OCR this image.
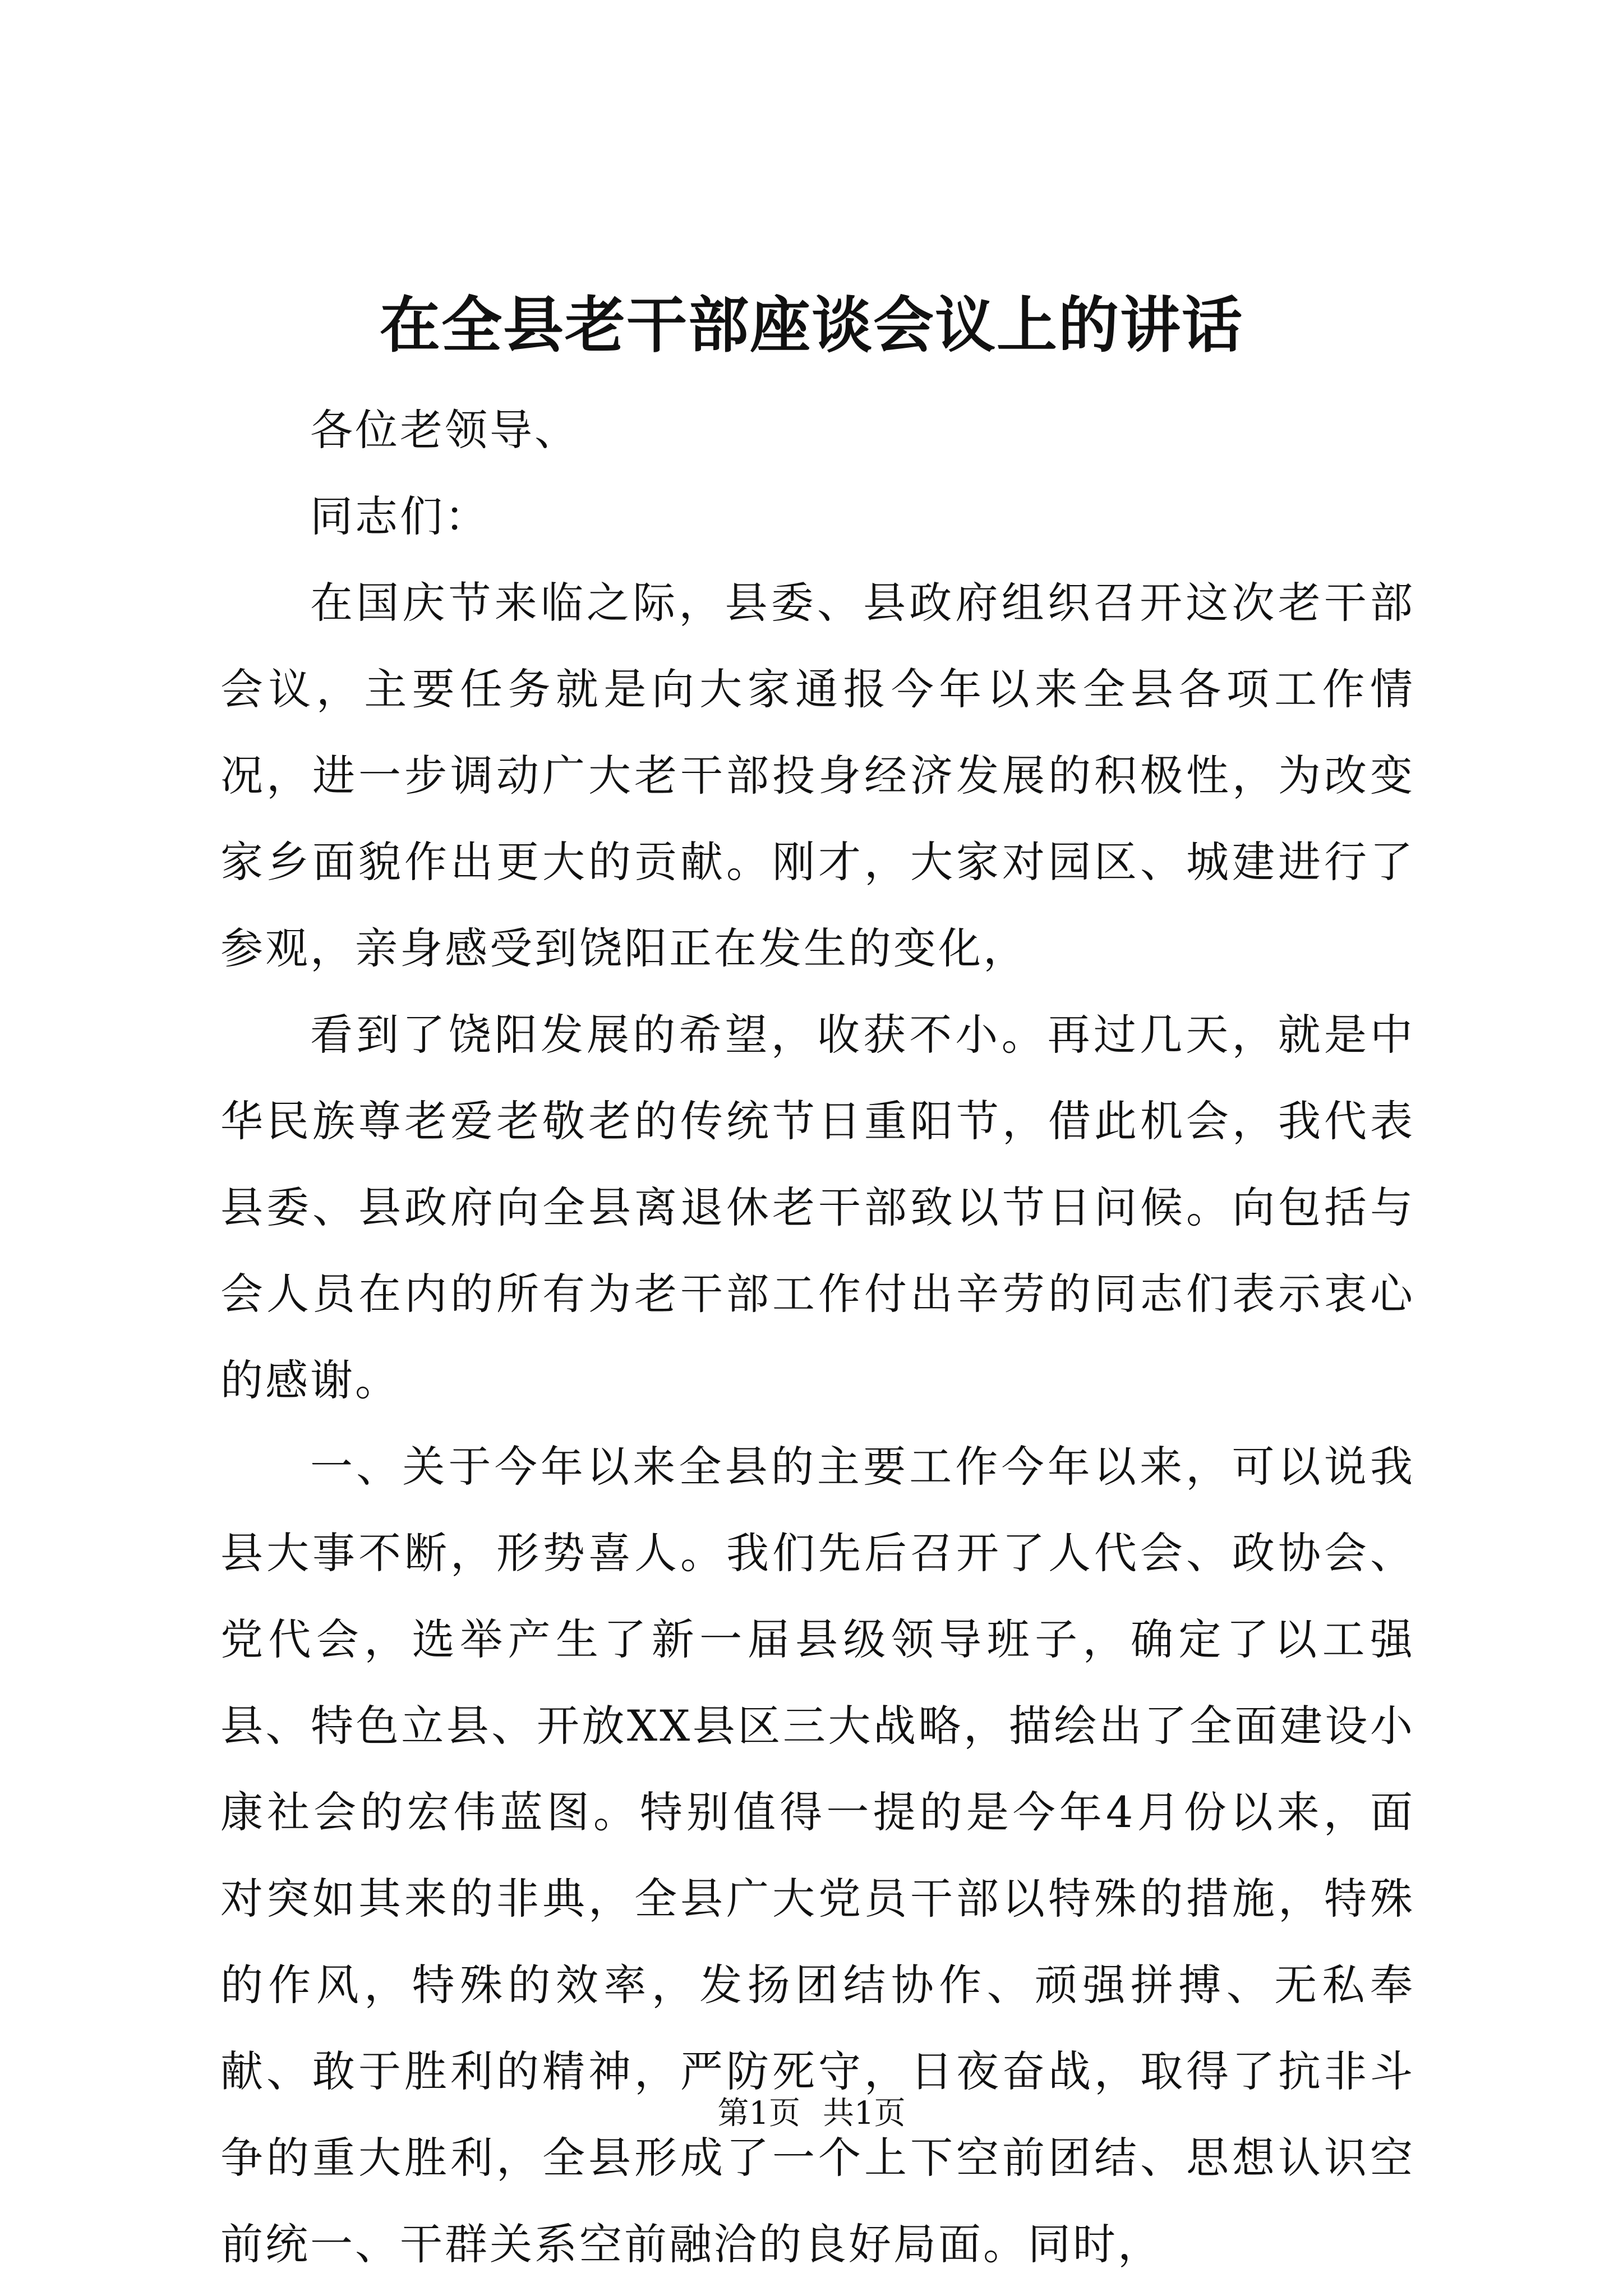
在全县老干部座谈会议上的讲话

各位老领导、

同志们：

在国庆节来临之际，县委、县政府组织召开这次老干部会议，主要任务就是向大家通报今年以来全县各项工作情况，进一步调动广大老干部投身经济发展的积极性，为改变家乡面貌作出更大的贡献。刚才，大家对园区、城建进行了参观，亲身感受到饶阳正在发生的变化，

看到了饶阳发展的希望，收获不小。再过几天，就是中华民族尊老爱老敬老的传统节日重阳节，借此机会，我代表县委、县政府向全县离退休老干部致以节日问候。向包括与会人员在内的所有为老干部工作付出辛劳的同志们表示衷心的感谢。

一、关于今年以来全县的主要工作今年以来，可以说我县大事不断，形势喜人。我们先后召开了人代会、政协会、党代会，选举产生了新一届县级领导班子，确定了以工强县、特色立县、开放XX县区三大战略，描绘出了全面建设小康社会的宏伟蓝图。特别值得一提的是今年4月份以来，面对突如其来的非典，全县广大党员干部以特殊的措施，特殊的作风，特殊的效率，发扬团结协作、顽强拼搏、无私奉献、敢于胜利的精神，严防死守，日夜奋战，取得了抗非斗争的重大胜利，全县形成了一个上下空前团结、思想认识空前统一、干群关系空前融洽的良好局面。同时，

第1页 共1页
